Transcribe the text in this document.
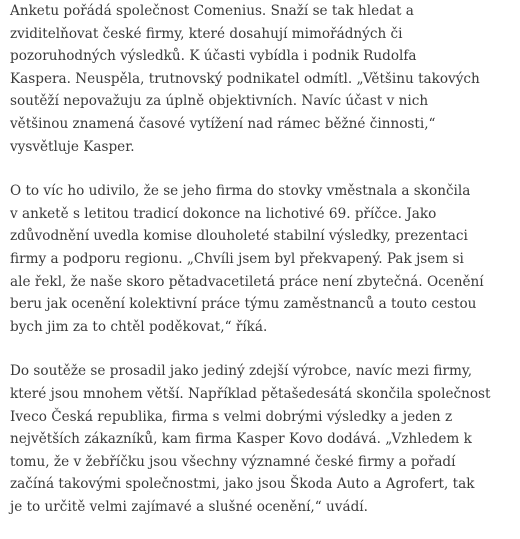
Anketu pořádá společnost Comenius. Snaží se tak hledat a
zviditelňovat české firmy, které dosahují mimořádných či
pozoruhodných výsledků. K účasti vybídla i podnik Rudolfa
Kaspera. Neuspěla, trutnovský podnikatel odmítl. „Většinu takových
soutěží nepovažuju za úplně objektivních. Navíc účast v nich
většinou znamená časové vytížení nad rámec běžné činnosti,“
vysvětluje Kasper.

O to víc ho udivilo, že se jeho firma do stovky vměstnala a skončila
v anketě s letitou tradicí dokonce na lichotivé 69. příčce. Jako
zdůvodnění uvedla komise dlouholeté stabilní výsledky, prezentaci
firmy a podporu regionu. „Chvíli jsem byl překvapený. Pak jsem si
ale řekl, že naše skoro pětadvacetiletá práce není zbytečná. Ocenění
beru jak ocenění kolektivní práce týmu zaměstnanců a touto cestou
bych jim za to chtěl poděkovat,“ říká.

Do soutěže se prosadil jako jediný zdejší výrobce, navíc mezi firmy,
které jsou mnohem větší. Například pětašedesátá skončila společnost
Iveco Česká republika, firma s velmi dobrými výsledky a jeden z
největších zákazníků, kam firma Kasper Kovo dodává. „Vzhledem k
tomu, že v žebříčku jsou všechny významné české firmy a pořadí
začíná takovými společnostmi, jako jsou Škoda Auto a Agrofert, tak
je to určitě velmi zajímavé a slušné ocenění,“ uvádí.
